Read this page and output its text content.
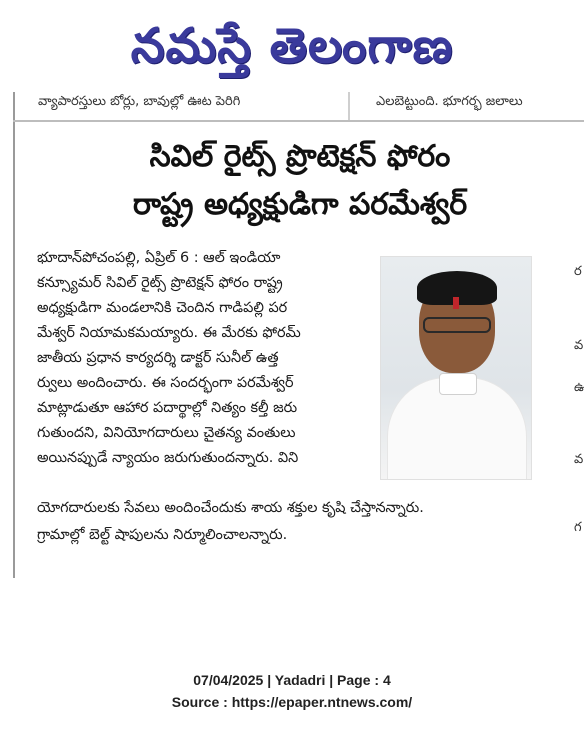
నమస్తే తెలంగాణ
వ్యాపారస్తులు బోర్లు, బావుల్లో ఊట పెరిగి	ఎలబెట్టుంది. భూగర్భ జలాలు
సివిల్ రైట్స్ ప్రొటెక్షన్ ఫోరం
రాష్ట్ర అధ్యక్షుడిగా పరమేశ్వర్
భూదాన్‌పోచంపల్లి, ఏప్రిల్ 6 : ఆల్ ఇండియా
కన్స్యూమర్ సివిల్ రైట్స్ ప్రొటెక్షన్ ఫోరం రాష్ట్ర
అధ్యక్షుడిగా మండలానికి చెందిన గాడిపల్లి పర
మేశ్వర్ నియామకమయ్యారు. ఈ మేరకు ఫోరమ్
జాతీయ ప్రధాన కార్యదర్శి డాక్టర్ సునీల్ ఉత్త
ర్వులు అందించారు. ఈ సందర్భంగా పరమేశ్వర్
మాట్లాడుతూ ఆహార పదార్థాల్లో నిత్యం కల్తీ జరు
గుతుందని, వినియోగదారులు చైతన్య వంతులు
అయినప్పుడే న్యాయం జరుగుతుందన్నారు. విని
యోగదారులకు సేవలు అందించేందుకు శాయ శక్తుల కృషి చేస్తానన్నారు.
గ్రామాల్లో బెల్ట్ షాపులను నిర్మూలించాలన్నారు.
ర
వ
ఉ
వ
గ
07/04/2025 | Yadadri | Page : 4
Source : https://epaper.ntnews.com/
